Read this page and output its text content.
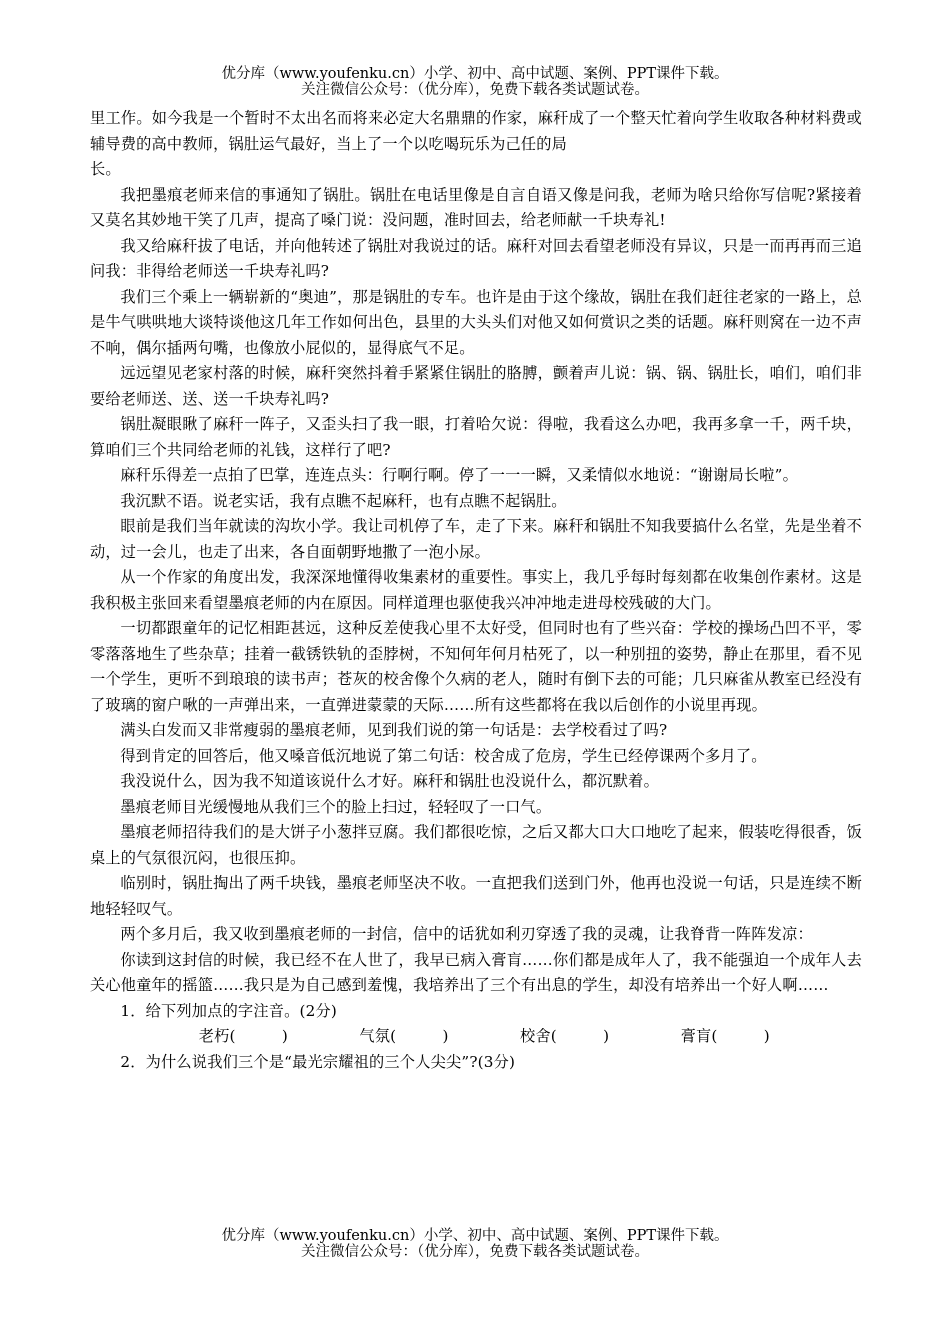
优分库（www.youfenku.cn）小学、初中、高中试题、案例、PPT课件下载。
关注微信公众号：（优分库），免费下载各类试题试卷。

里工作。如今我是一个暂时不太出名而将来必定大名鼎鼎的作家，麻秆成了一个整天忙着向学生收取各种材料费或辅导费的高中教师，锅肚运气最好，当上了一个以吃喝玩乐为己任的局

长。

我把墨痕老师来信的事通知了锅肚。锅肚在电话里像是自言自语又像是问我，老师为啥只给你写信呢?紧接着又莫名其妙地干笑了几声，提高了嗓门说：没问题，准时回去，给老师献一千块寿礼!

我又给麻秆拔了电话，并向他转述了锅肚对我说过的话。麻秆对回去看望老师没有异议，只是一而再再而三追问我：非得给老师送一千块寿礼吗?

我们三个乘上一辆崭新的“奥迪”，那是锅肚的专车。也许是由于这个缘故，锅肚在我们赶往老家的一路上，总是牛气哄哄地大谈特谈他这几年工作如何出色，县里的大头头们对他又如何赏识之类的话题。麻秆则窝在一边不声不响，偶尔插两句嘴，也像放小屁似的，显得底气不足。

远远望见老家村落的时候，麻秆突然抖着手紧紧住锅肚的胳膊，颤着声儿说：锅、锅、锅肚长，咱们，咱们非要给老师送、送、送一千块寿礼吗?

锅肚凝眼瞅了麻秆一阵子，又歪头扫了我一眼，打着哈欠说：得啦，我看这么办吧，我再多拿一千，两千块，算咱们三个共同给老师的礼钱，这样行了吧?

麻秆乐得差一点拍了巴掌，连连点头：行啊行啊。停了一一一瞬，又柔情似水地说：“谢谢局长啦”。

我沉默不语。说老实话，我有点瞧不起麻秆，也有点瞧不起锅肚。

眼前是我们当年就读的沟坎小学。我让司机停了车，走了下来。麻秆和锅肚不知我要搞什么名堂，先是坐着不动，过一会儿，也走了出来，各自面朝野地撒了一泡小尿。

从一个作家的角度出发，我深深地懂得收集素材的重要性。事实上，我几乎每时每刻都在收集创作素材。这是我积极主张回来看望墨痕老师的内在原因。同样道理也驱使我兴冲冲地走进母校残破的大门。

一切都跟童年的记忆相距甚远，这种反差使我心里不太好受，但同时也有了些兴奋：学校的操场凸凹不平，零零落落地生了些杂草；挂着一截锈铁轨的歪脖树，不知何年何月枯死了，以一种别扭的姿势，静止在那里，看不见一个学生，更听不到琅琅的读书声；苍灰的校舍像个久病的老人，随时有倒下去的可能；几只麻雀从教室已经没有了玻璃的窗户啾的一声弹出来，一直弹进蒙蒙的天际……所有这些都将在我以后创作的小说里再现。

满头白发而又非常瘦弱的墨痕老师，见到我们说的第一句话是：去学校看过了吗?

得到肯定的回答后，他又嗓音低沉地说了第二句话：校舍成了危房，学生已经停课两个多月了。

我没说什么，因为我不知道该说什么才好。麻秆和锅肚也没说什么，都沉默着。

墨痕老师目光缓慢地从我们三个的脸上扫过，轻轻叹了一口气。

墨痕老师招待我们的是大饼子小葱拌豆腐。我们都很吃惊，之后又都大口大口地吃了起来，假装吃得很香，饭桌上的气氛很沉闷，也很压抑。

临别时，锅肚掏出了两千块钱，墨痕老师坚决不收。一直把我们送到门外，他再也没说一句话，只是连续不断地轻轻叹气。

两个多月后，我又收到墨痕老师的一封信，信中的话犹如利刃穿透了我的灵魂，让我脊背一阵阵发凉：

你读到这封信的时候，我已经不在人世了，我早已病入膏肓……你们都是成年人了，我不能强迫一个成年人去关心他童年的摇篮……我只是为自己感到羞愧，我培养出了三个有出息的学生，却没有培养出一个好人啊……

1．给下列加点的字注音。(2分)

老朽(　　　)	气氛(　　　)	校舍(　　　)	膏肓(　　　)

2．为什么说我们三个是“最光宗耀祖的三个人尖尖”?(3分)

优分库（www.youfenku.cn）小学、初中、高中试题、案例、PPT课件下载。
关注微信公众号：（优分库），免费下载各类试题试卷。
